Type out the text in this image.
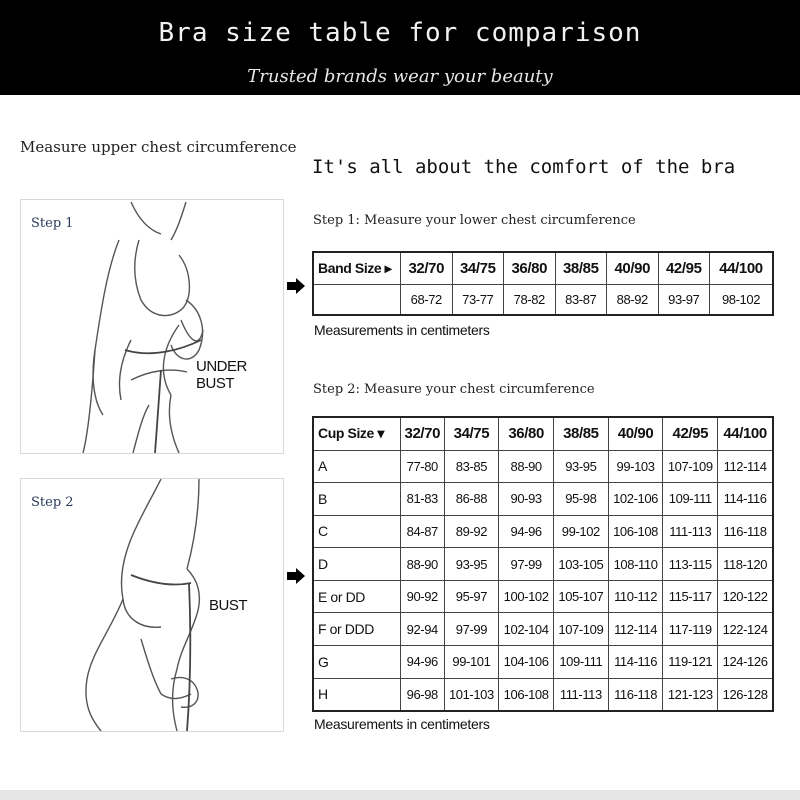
Bra size table for comparison
Trusted brands wear your beauty
Measure upper chest circumference
It's all about the comfort of the bra
Step 1
UNDER BUST
Step 2
BUST
Step 1: Measure your lower chest circumference
Band Size ▸	32/70	34/75	36/80	38/85	40/90	42/95	44/100
	68-72	73-77	78-82	83-87	88-92	93-97	98-102
Measurements in centimeters
Step 2: Measure your chest circumference
Cup Size ▾	32/70	34/75	36/80	38/85	40/90	42/95	44/100
A	77-80	83-85	88-90	93-95	99-103	107-109	112-114
B	81-83	86-88	90-93	95-98	102-106	109-111	114-116
C	84-87	89-92	94-96	99-102	106-108	111-113	116-118
D	88-90	93-95	97-99	103-105	108-110	113-115	118-120
E or DD	90-92	95-97	100-102	105-107	110-112	115-117	120-122
F or DDD	92-94	97-99	102-104	107-109	112-114	117-119	122-124
G	94-96	99-101	104-106	109-111	114-116	119-121	124-126
H	96-98	101-103	106-108	111-113	116-118	121-123	126-128
Measurements in centimeters
